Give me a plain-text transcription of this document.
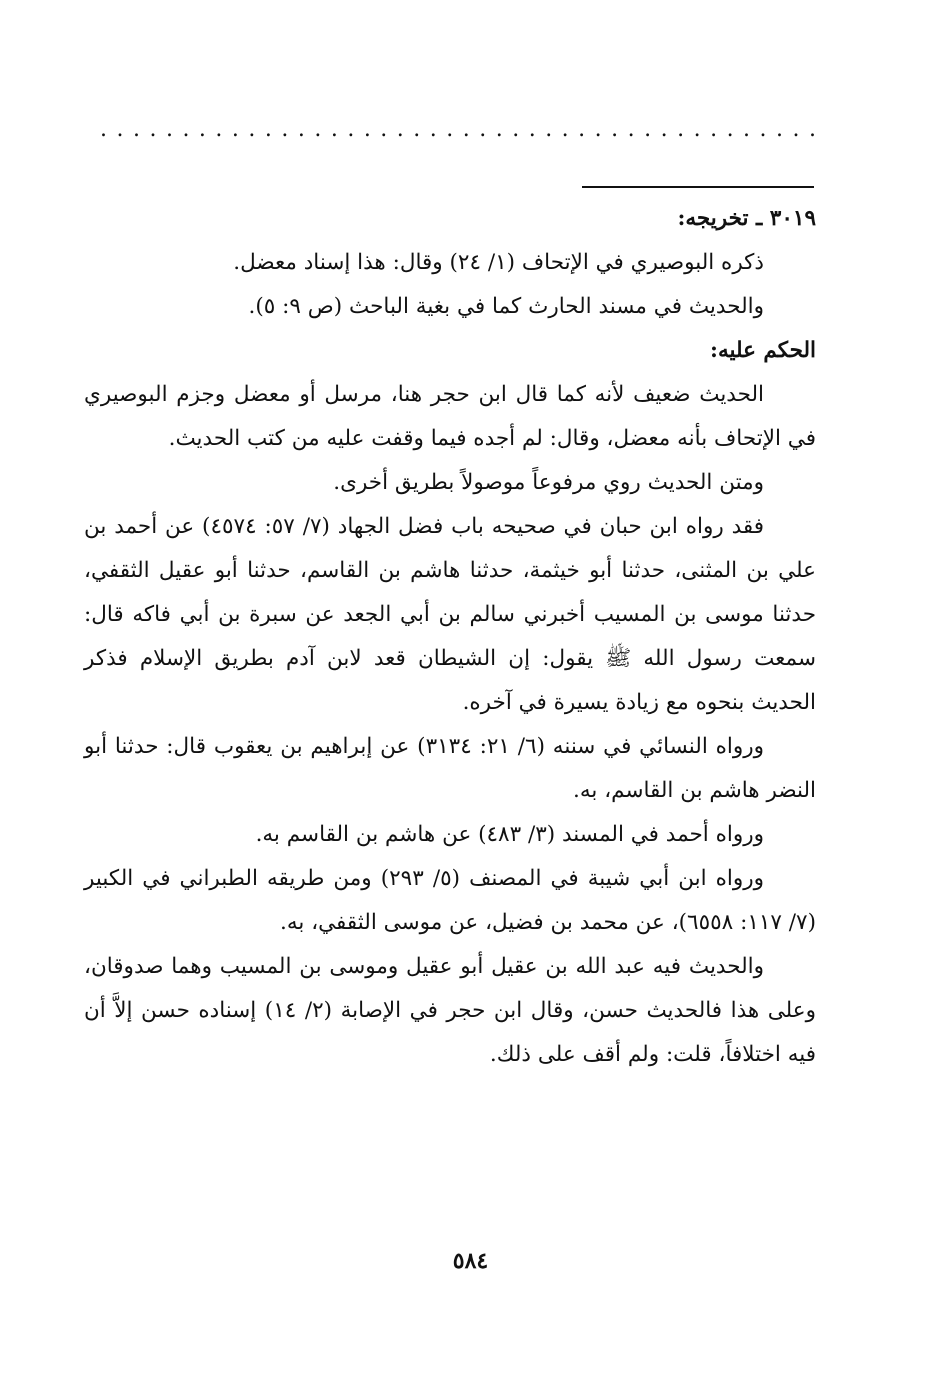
. . . . . . . . . . . . . . . . . . . . . . . . . . . . . . . . . . . . . . . . . . . .

٣٠١٩ ـ تخريجه:

ذكره البوصيري في الإتحاف (١/ ٢٤) وقال: هذا إسناد معضل.

والحديث في مسند الحارث كما في بغية الباحث (ص ٩: ٥).

الحكم عليه:

الحديث ضعيف لأنه كما قال ابن حجر هنا، مرسل أو معضل وجزم البوصيري في الإتحاف بأنه معضل، وقال: لم أجده فيما وقفت عليه من كتب الحديث.

ومتن الحديث روي مرفوعاً موصولاً بطريق أخرى.

فقد رواه ابن حبان في صحيحه باب فضل الجهاد (٧/ ٥٧: ٤٥٧٤) عن أحمد بن علي بن المثنى، حدثنا أبو خيثمة، حدثنا هاشم بن القاسم، حدثنا أبو عقيل الثقفي، حدثنا موسى بن المسيب أخبرني سالم بن أبي الجعد عن سبرة بن أبي فاكه قال: سمعت رسول الله ﷺ يقول: إن الشيطان قعد لابن آدم بطريق الإسلام فذكر الحديث بنحوه مع زيادة يسيرة في آخره.

ورواه النسائي في سننه (٦/ ٢١: ٣١٣٤) عن إبراهيم بن يعقوب قال: حدثنا أبو النضر هاشم بن القاسم، به.

ورواه أحمد في المسند (٣/ ٤٨٣) عن هاشم بن القاسم به.

ورواه ابن أبي شيبة في المصنف (٥/ ٢٩٣) ومن طريقه الطبراني في الكبير (٧/ ١١٧: ٦٥٥٨)، عن محمد بن فضيل، عن موسى الثقفي، به.

والحديث فيه عبد الله بن عقيل أبو عقيل وموسى بن المسيب وهما صدوقان، وعلى هذا فالحديث حسن، وقال ابن حجر في الإصابة (٢/ ١٤) إسناده حسن إلاَّ أن فيه اختلافاً، قلت: ولم أقف على ذلك.

٥٨٤
